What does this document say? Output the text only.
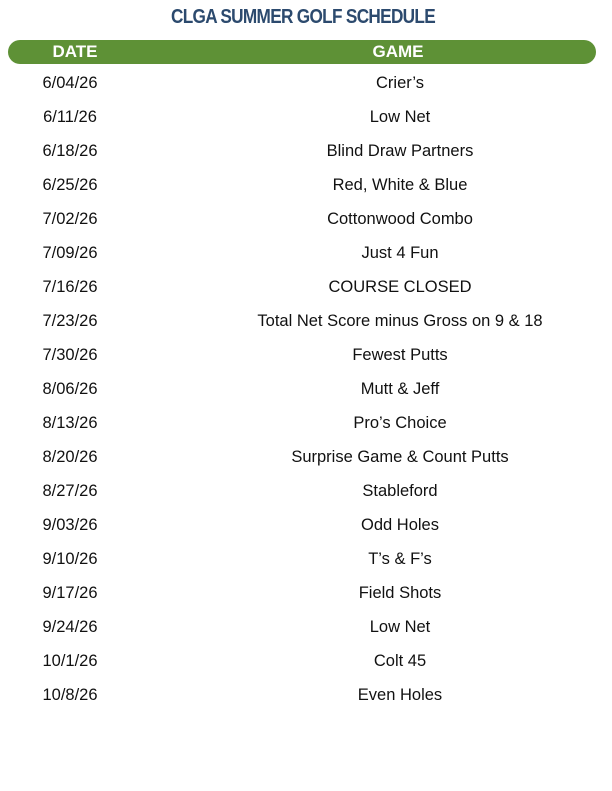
CLGA SUMMER GOLF SCHEDULE
DATE	GAME
6/04/26	Crier’s
6/11/26	Low Net
6/18/26	Blind Draw Partners
6/25/26	Red, White & Blue
7/02/26	Cottonwood Combo
7/09/26	Just 4 Fun
7/16/26	COURSE CLOSED
7/23/26	Total Net Score minus Gross on 9 & 18
7/30/26	Fewest Putts
8/06/26	Mutt & Jeff
8/13/26	Pro’s Choice
8/20/26	Surprise Game & Count Putts
8/27/26	Stableford
9/03/26	Odd Holes
9/10/26	T’s & F’s
9/17/26	Field Shots
9/24/26	Low Net
10/1/26	Colt 45
10/8/26	Even Holes
